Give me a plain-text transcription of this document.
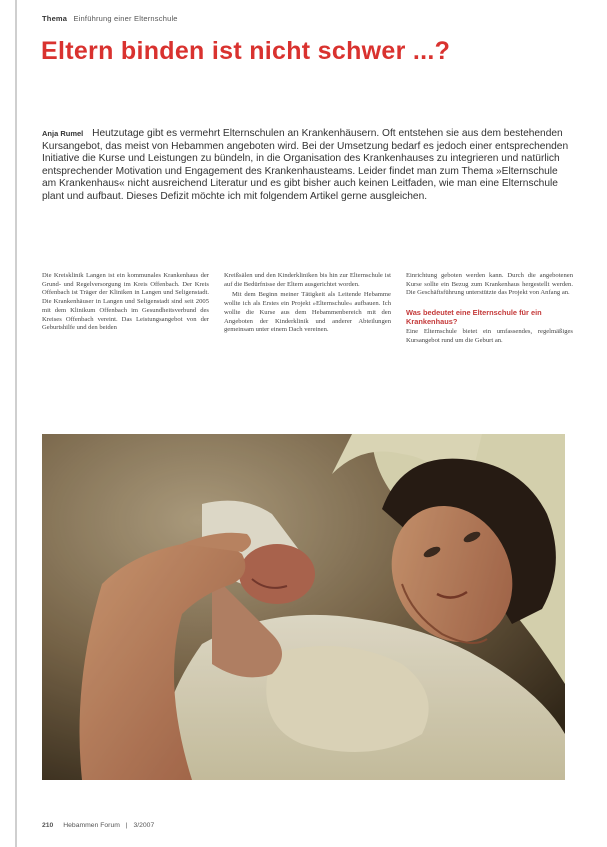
Thema Einführung einer Elternschule
Eltern binden ist nicht schwer ...?

Anja Rumel Heutzutage gibt es vermehrt Elternschulen an Krankenhäusern. Oft entstehen sie aus dem bestehenden Kursangebot, das meist von Hebammen angeboten wird. Bei der Umsetzung bedarf es jedoch einer entsprechenden Initiative die Kurse und Leistungen zu bündeln, in die Organisation des Krankenhauses zu integrieren und natürlich entsprechender Motivation und Engagement des Krankenhausteams. Leider findet man zum Thema »Elternschule am Krankenhaus« nicht ausreichend Literatur und es gibt bisher auch keinen Leitfaden, wie man eine Elternschule plant und aufbaut. Dieses Defizit möchte ich mit folgendem Artikel gerne ausgleichen.

Die Kreisklinik Langen ist ein kommunales Krankenhaus der Grund- und Regelversorgung im Kreis Offenbach. Der Kreis Offenbach ist Träger der Kliniken in Langen und Seligenstadt. Die Krankenhäuser in Langen und Seligenstadt sind seit 2005 mit dem Klinikum Offenbach im Gesundheitsverbund des Kreises Offenbach vereint. Das Leistungsangebot von der Geburtshilfe und den beiden

Kreißsälen und den Kinderkliniken bis hin zur Elternschule ist auf die Bedürfnisse der Eltern ausgerichtet worden.

Mit dem Beginn meiner Tätigkeit als Leitende Hebamme wollte ich als Erstes ein Projekt »Elternschule« aufbauen. Ich wollte die Kurse aus dem Hebammenbereich mit den Angeboten der Kinderklinik und anderer Abteilungen gemeinsam unter einem Dach vereinen.

Einrichtung geboten werden kann. Durch die angebotenen Kurse sollte ein Bezug zum Krankenhaus hergestellt werden. Die Geschäftsführung unterstützte das Projekt von Anfang an.

Was bedeutet eine Elternschule für ein Krankenhaus?

Eine Elternschule bietet ein umfassendes, regelmäßiges Kursangebot rund um die Geburt an.

210 Hebammen Forum | 3/2007
